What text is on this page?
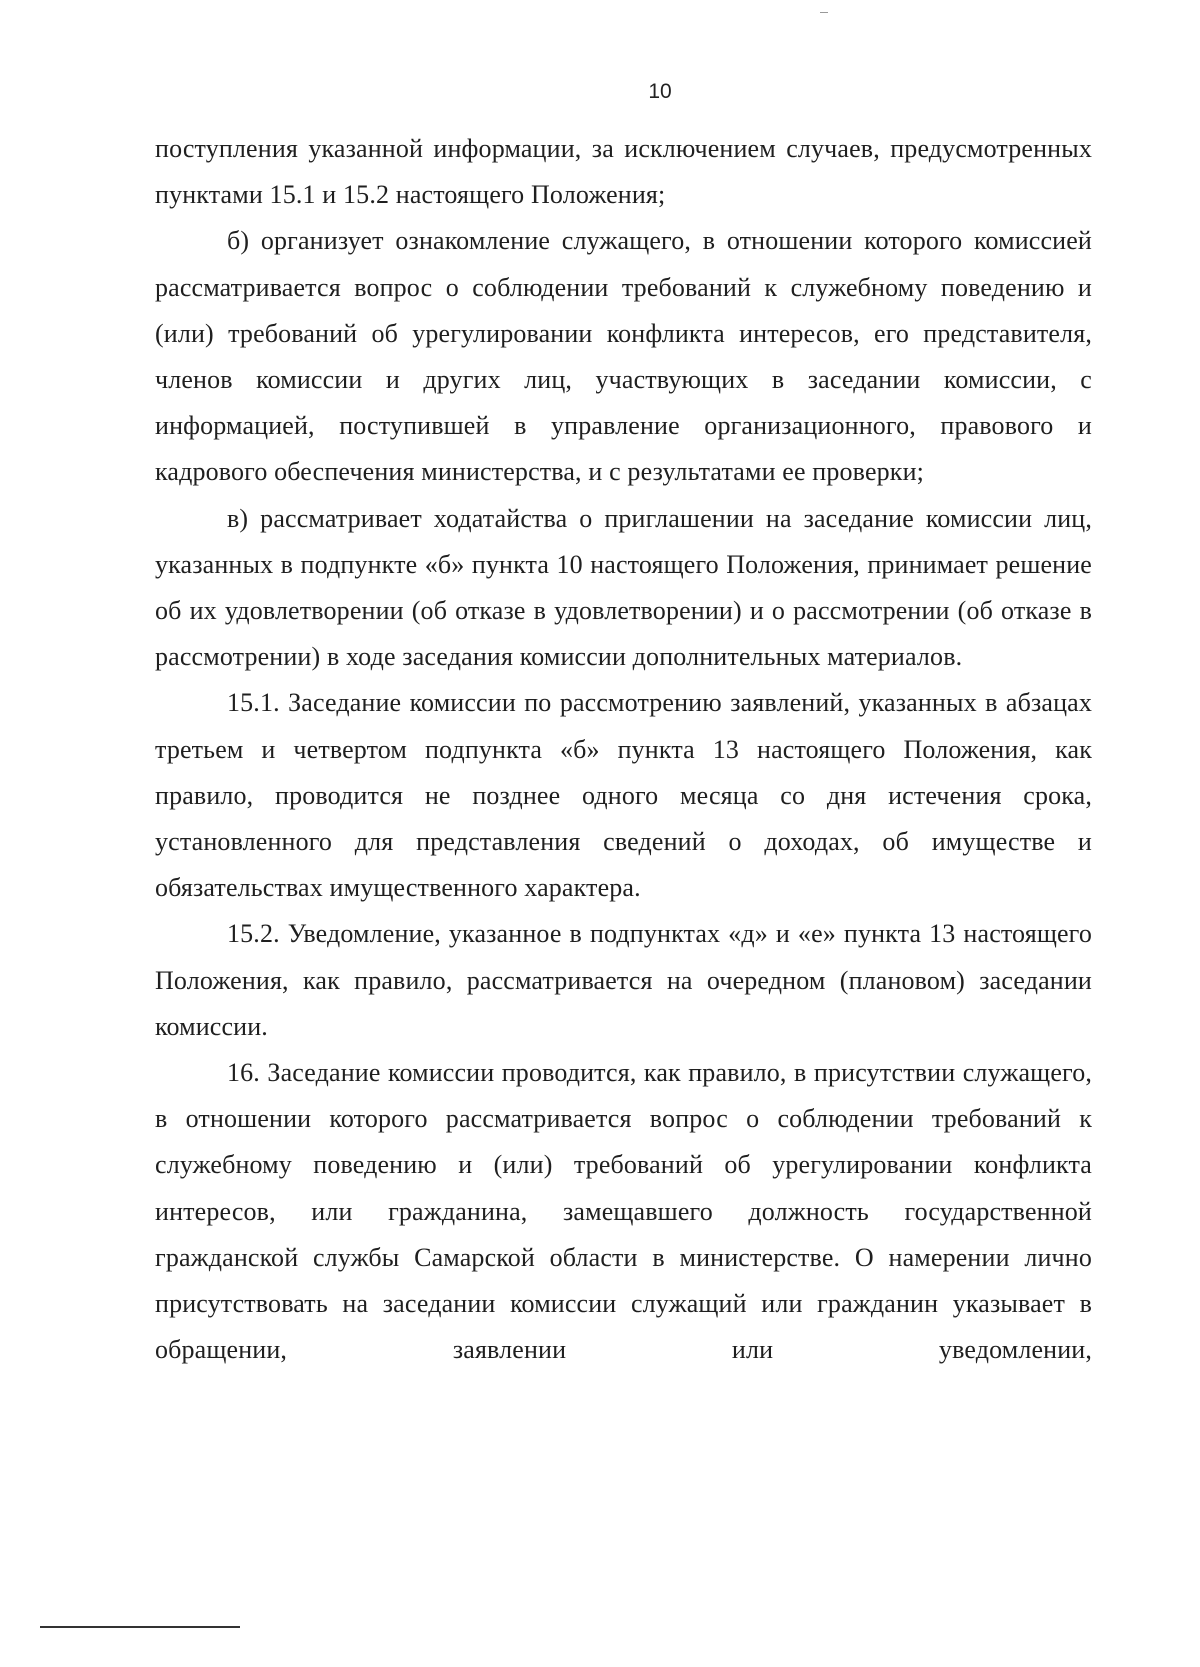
10

поступления указанной информации, за исключением случаев, предусмотренных пунктами 15.1 и 15.2 настоящего Положения;

б) организует ознакомление служащего, в отношении которого комиссией рассматривается вопрос о соблюдении требований к служебному поведению и (или) требований об урегулировании конфликта интересов, его представителя, членов комиссии и других лиц, участвующих в заседании комиссии, с информацией, поступившей в управление организационного, правового и кадрового обеспечения министерства, и с результатами ее проверки;

в) рассматривает ходатайства о приглашении на заседание комиссии лиц, указанных в подпункте «б» пункта 10 настоящего Положения, принимает решение об их удовлетворении (об отказе в удовлетворении) и о рассмотрении (об отказе в рассмотрении) в ходе заседания комиссии дополнительных материалов.

15.1. Заседание комиссии по рассмотрению заявлений, указанных в абзацах третьем и четвертом подпункта «б» пункта 13 настоящего Положения, как правило, проводится не позднее одного месяца со дня истечения срока, установленного для представления сведений о доходах, об имуществе и обязательствах имущественного характера.

15.2. Уведомление, указанное в подпунктах «д» и «е» пункта 13 настоящего Положения, как правило, рассматривается на очередном (плановом) заседании комиссии.

16. Заседание комиссии проводится, как правило, в присутствии служащего, в отношении которого рассматривается вопрос о соблюдении требований к служебному поведению и (или) требований об урегулировании конфликта интересов, или гражданина, замещавшего должность государственной гражданской службы Самарской области в министерстве. О намерении лично присутствовать на заседании комиссии служащий или гражданин указывает в обращении, заявлении или уведомлении,
